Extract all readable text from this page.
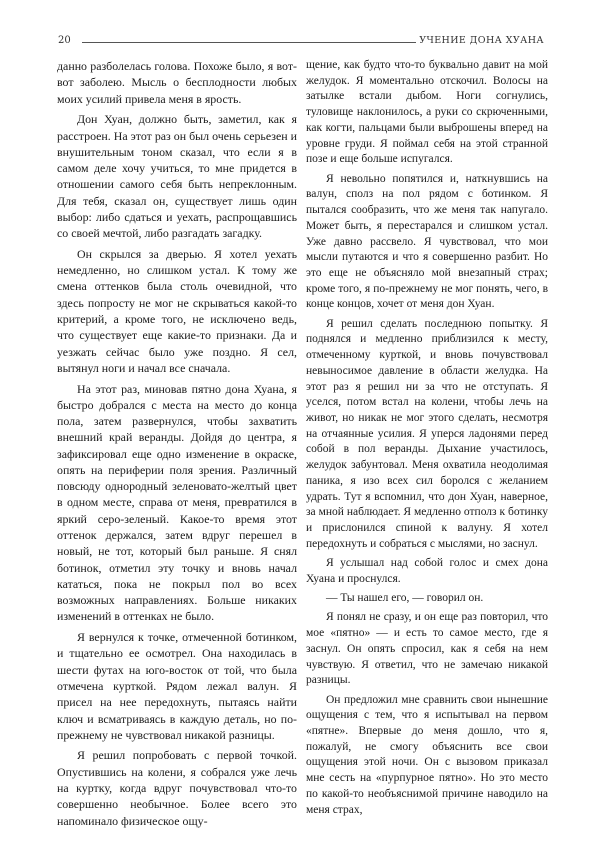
20	УЧЕНИЕ ДОНА ХУАНА

данно разболелась голова. Похоже было, я вот-вот заболею. Мысль о бесплодности любых моих усилий привела меня в ярость.

Дон Хуан, должно быть, заметил, как я расстроен. На этот раз он был очень серьезен и внушительным тоном сказал, что если я в самом деле хочу учиться, то мне придется в отношении самого себя быть непреклонным. Для тебя, сказал он, существует лишь один выбор: либо сдаться и уехать, распрощавшись со своей мечтой, либо разгадать загадку.

Он скрылся за дверью. Я хотел уехать немедленно, но слишком устал. К тому же смена оттенков была столь очевидной, что здесь попросту не мог не скрываться какой-то критерий, а кроме того, не исключено ведь, что существует еще какие-то признаки. Да и уезжать сейчас было уже поздно. Я сел, вытянул ноги и начал все сначала.

На этот раз, миновав пятно дона Хуана, я быстро добрался с места на место до конца пола, затем развернулся, чтобы захватить внешний край веранды. Дойдя до центра, я зафиксировал еще одно изменение в окраске, опять на периферии поля зрения. Различный повсюду однородный зеленовато-желтый цвет в одном месте, справа от меня, превратился в яркий серо-зеленый. Какое-то время этот оттенок держался, затем вдруг перешел в новый, не тот, который был раньше. Я снял ботинок, отметил эту точку и вновь начал кататься, пока не покрыл пол во всех возможных направлениях. Больше никаких изменений в оттенках не было.

Я вернулся к точке, отмеченной ботинком, и тщательно ее осмотрел. Она находилась в шести футах на юго-восток от той, что была отмечена курткой. Рядом лежал валун. Я присел на нее передохнуть, пытаясь найти ключ и всматриваясь в каждую деталь, но по-прежнему не чувствовал никакой разницы.

Я решил попробовать с первой точкой. Опустившись на колени, я собрался уже лечь на куртку, когда вдруг почувствовал что-то совершенно необычное. Более всего это напоминало физическое ощу-

щение, как будто что-то буквально давит на мой желудок. Я моментально отскочил. Волосы на затылке встали дыбом. Ноги согнулись, туловище наклонилось, а руки со скрюченными, как когти, пальцами были выброшены вперед на уровне груди. Я поймал себя на этой странной позе и еще больше испугался.

Я невольно попятился и, наткнувшись на валун, сполз на пол рядом с ботинком. Я пытался сообразить, что же меня так напугало. Может быть, я перестарался и слишком устал. Уже давно рассвело. Я чувствовал, что мои мысли путаются и что я совершенно разбит. Но это еще не объясняло мой внезапный страх; кроме того, я по-прежнему не мог понять, чего, в конце концов, хочет от меня дон Хуан.

Я решил сделать последнюю попытку. Я поднялся и медленно приблизился к месту, отмеченному курткой, и вновь почувствовал невыносимое давление в области желудка. На этот раз я решил ни за что не отступать. Я уселся, потом встал на колени, чтобы лечь на живот, но никак не мог этого сделать, несмотря на отчаянные усилия. Я уперся ладонями перед собой в пол веранды. Дыхание участилось, желудок забунтовал. Меня охватила неодолимая паника, я изо всех сил боролся с желанием удрать. Тут я вспомнил, что дон Хуан, наверное, за мной наблюдает. Я медленно отполз к ботинку и прислонился спиной к валуну. Я хотел передохнуть и собраться с мыслями, но заснул.

Я услышал над собой голос и смех дона Хуана и проснулся.

— Ты нашел его, — говорил он.

Я понял не сразу, и он еще раз повторил, что мое «пятно» — и есть то самое место, где я заснул. Он опять спросил, как я себя на нем чувствую. Я ответил, что не замечаю никакой разницы.

Он предложил мне сравнить свои нынешние ощущения с тем, что я испытывал на первом «пятне». Впервые до меня дошло, что я, пожалуй, не смогу объяснить все свои ощущения этой ночи. Он с вызовом приказал мне сесть на «пурпурное пятно». Но это место по какой-то необъяснимой причине наводило на меня страх,
